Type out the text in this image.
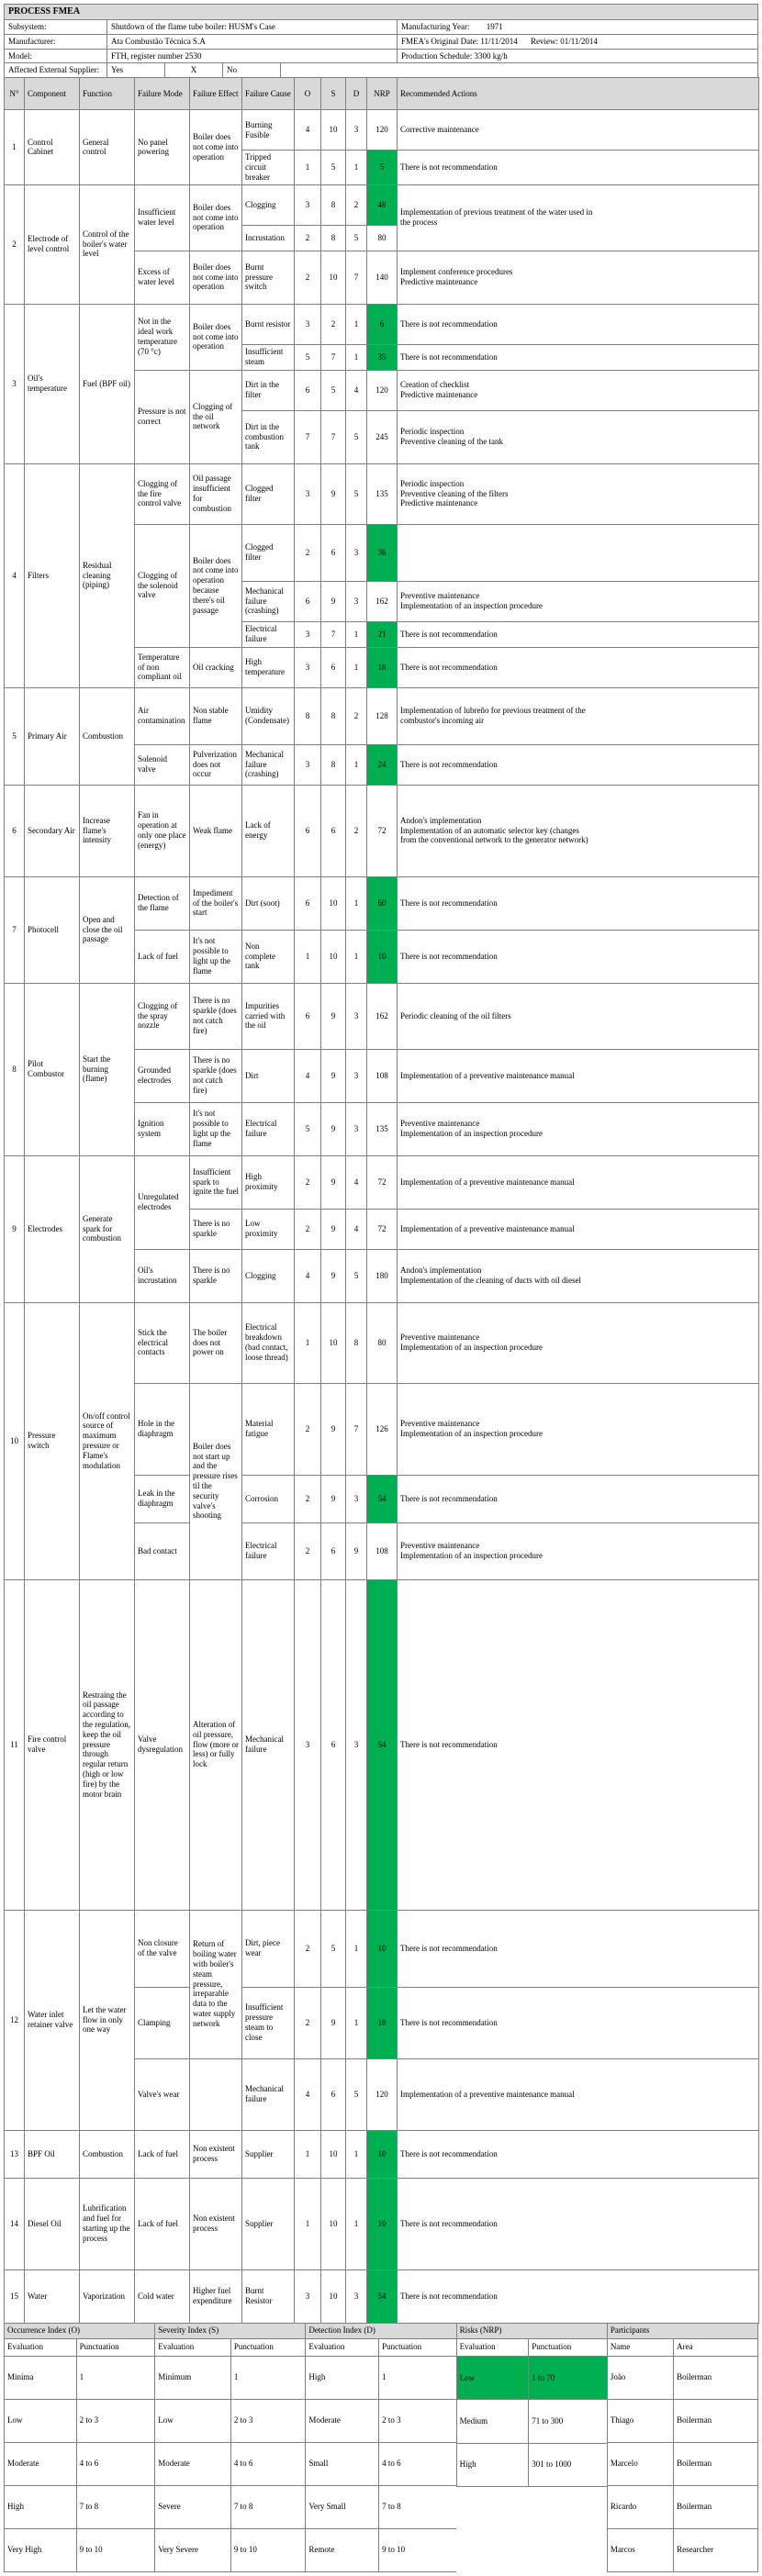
PROCESS FMEA
Subsystem:	Shutdown of the flame tube boiler: HUSM's Case	Manufacturing Year: 1971
Manufacturer:	Ata Combustão Técnica S.A	FMEA's Original Date: 11/11/2014 Review: 01/11/2014
Model:	FTH, register number 2530	Production Schedule: 3300 kg/h
Affected External Supplier:	Yes	X	No
N°	Component	Function	Failure Mode	Failure Effect	Failure Cause	O	S	D	NRP	Recommended Actions
1	Control Cabinet	General control	No panel powering	Boiler does not come into operation	Burning Fusible	4	10	3	120	Corrective maintenance

					Tripped circuit breaker	1	5	1	5	There is not recommendation

2	Electrode of level control	Control of the boiler's water level	Insufficient water level	Boiler does not come into operation	Clogging	3	8	2	48	Implementation of previous treatment of the water used in the process

					Incrustation	2	8	5	80	
			Excess of water level	Boiler does not come into operation	Burnt pressure switch	2	10	7	140	Implement conference procedures
Predictive maintenance

3	Oil's temperature	Fuel (BPF oil)	Not in the ideal work temperature (70 °c)	Boiler does not come into operation	Burnt resistor	3	2	1	6	There is not recommendation

					Insufficient steam	5	7	1	35	There is not recommendation

			Pressure is not correct	Clogging of the oil network	Dirt in the filter	6	5	4	120	Creation of checklist
Predictive maintenance

					Dirt in the combustion tank	7	7	5	245	Periodic inspection
Preventive cleaning of the tank

4	Filters	Residual cleaning (piping)	Clogging of the fire control valve	Oil passage insufficient for combustion	Clogged filter	3	9	5	135	Periodic inspection
Preventive cleaning of the filters
Predictive maintenance

			Clogging of the solenoid valve	Boiler does not come into operation because there's oil passage	Clogged filter	2	6	3	36	

					Mechanical failure (crashing)	6	9	3	162	Preventive maintenance
Implementation of an inspection procedure

					Electrical failure	3	7	1	21	There is not recommendation

			Temperature of non compliant oil	Oil cracking	High temperature	3	6	1	18	There is not recommendation

5	Primary Air	Combustion	Air contamination	Non stable flame	Umidity (Condensate)	8	8	2	128	Implementation of lubreño for previous treatment of the combustor's incoming air

			Solenoid valve	Pulverization does not occur	Mechanical failure (crashing)	3	8	1	24	There is not recommendation

6	Secondary Air	Increase flame's intensity	Fan in operation at only one place (energy)	Weak flame	Lack of energy	6	6	2	72	Andon's implementation
Implementation of an automatic selector key (changes from the conventional network to the generator network)

7	Photocell	Open and close the oil passage	Detection of the flame	Impediment of the boiler's start	Dirt (soot)	6	10	1	60	There is not recommendation

			Lack of fuel	It's not possible to light up the flame	Non complete tank	1	10	1	10	There is not recommendation

8	Pilot Combustor	Start the burning (flame)	Clogging of the spray nozzle	There is no sparkle (does not catch fire)	Impurities carried with the oil	6	9	3	162	Periodic cleaning of the oil filters

			Grounded electrodes	There is no sparkle (does not catch fire)	Dirt	4	9	3	108	Implementation of a preventive maintenance manual

			Ignition system	It's not possible to light up the flame	Electrical failure	5	9	3	135	Preventive maintenance
Implementation of an inspection procedure

9	Electrodes	Generate spark for combustion	Unregulated electrodes	Insufficient spark to ignite the fuel	High proximity	2	9	4	72	Implementation of a preventive maintenance manual

				There is no sparkle	Low proximity	2	9	4	72	Implementation of a preventive maintenance manual

			Oil's incrustation	There is no sparkle	Clogging	4	9	5	180	Andon's implementation
Implementation of the cleaning of ducts with oil diesel

10	Pressure switch	On/off control source of maximum pressure or Flame's modulation	Stick the electrical contacts	The boiler does not power on	Electrical breakdown (bad contact, loose thread)	1	10	8	80	Preventive maintenance
Implementation of an inspection procedure

			Hole in the diaphragm	Boiler does not start up and the pressure rises til the security valve's shooting	Material fatigue	2	9	7	126	Preventive maintenance
Implementation of an inspection procedure

			Leak in the diaphragm		Corrosion	2	9	3	54	There is not recommendation

			Bad contact		Electrical failure	2	6	9	108	Preventive maintenance
Implementation of an inspection procedure

11	Fire control valve	Restraing the oil passage according to the regulation, keep the oil pressure through regular return (high or low fire) by the motor brain	Valve dysregulation	Alteration of oil pressure, flow (more or less) or fully lock	Mechanical failure	3	6	3	54	There is not recommendation

12	Water inlet retainer valve	Let the water flow in only one way	Non closure of the valve	Return of boiling water with boiler's steam pressure, irreparable data to the water supply network	Dirt, piece wear	2	5	1	10	There is not recommendation

			Clamping		Insufficient pressure steam to close	2	9	1	18	There is not recommendation

			Valve's wear		Mechanical failure	4	6	5	120	Implementation of a preventive maintenance manual

13	BPF Oil	Combustion	Lack of fuel	Non existent process	Supplier	1	10	1	10	There is not recommendation

14	Diesel Oil	Lubrification and fuel for starting up the process	Lack of fuel	Non existent process	Supplier	1	10	1	10	There is not recommendation

15	Water	Vaporization	Cold water	Higher fuel expenditure	Burnt Resistor	3	10	3	54	There is not recommendation
Occurrence Index (O)	
Evaluation	Punctuation
Minima	1
Low	2 to 3
Moderate	4 to 6
High	7 to 8
Very High	9 to 10
Severity Index (S)	
Evaluation	Punctuation
Minimum	1
Low	2 to 3
Moderate	4 to 6
Severe	7 to 8
Very Severe	9 to 10
Detection Index (D)	
Evaluation	Punctuation
High	1
Moderate	2 to 3
Small	4 to 6
Very Small	7 to 8
Remote	9 to 10
Risks (NRP)	
Evaluation	Punctuation
Low	1 to 70
Medium	71 to 300
High	301 to 1000

Participants	
Name	Area
João	Boilerman
Thiago	Boilerman
Marcelo	Boilerman
Ricardo	Boilerman
Marcos	Researcher
